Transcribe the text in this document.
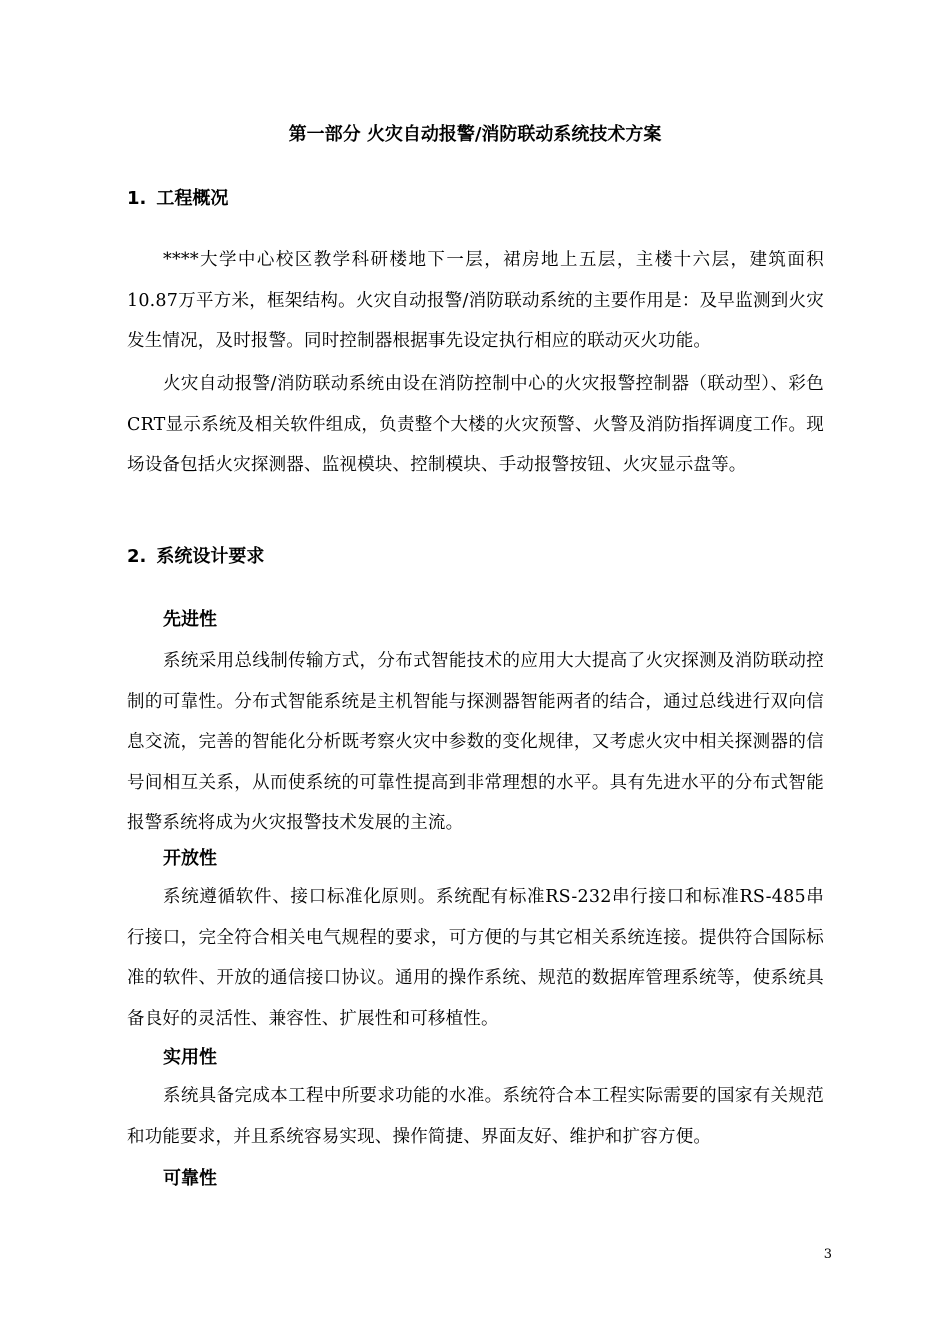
第一部分 火灾自动报警/消防联动系统技术方案
1. 工程概况

****大学中心校区教学科研楼地下一层，裙房地上五层，主楼十六层，建筑面积10.87万平方米，框架结构。火灾自动报警/消防联动系统的主要作用是：及早监测到火灾发生情况，及时报警。同时控制器根据事先设定执行相应的联动灭火功能。

火灾自动报警/消防联动系统由设在消防控制中心的火灾报警控制器（联动型）、彩色CRT显示系统及相关软件组成，负责整个大楼的火灾预警、火警及消防指挥调度工作。现场设备包括火灾探测器、监视模块、控制模块、手动报警按钮、火灾显示盘等。

2. 系统设计要求
先进性

系统采用总线制传输方式，分布式智能技术的应用大大提高了火灾探测及消防联动控制的可靠性。分布式智能系统是主机智能与探测器智能两者的结合，通过总线进行双向信息交流，完善的智能化分析既考察火灾中参数的变化规律，又考虑火灾中相关探测器的信号间相互关系，从而使系统的可靠性提高到非常理想的水平。具有先进水平的分布式智能报警系统将成为火灾报警技术发展的主流。

开放性

系统遵循软件、接口标准化原则。系统配有标准RS-232串行接口和标准RS-485串行接口，完全符合相关电气规程的要求，可方便的与其它相关系统连接。提供符合国际标准的软件、开放的通信接口协议。通用的操作系统、规范的数据库管理系统等，使系统具备良好的灵活性、兼容性、扩展性和可移植性。

实用性

系统具备完成本工程中所要求功能的水准。系统符合本工程实际需要的国家有关规范和功能要求，并且系统容易实现、操作简捷、界面友好、维护和扩容方便。

可靠性

3
